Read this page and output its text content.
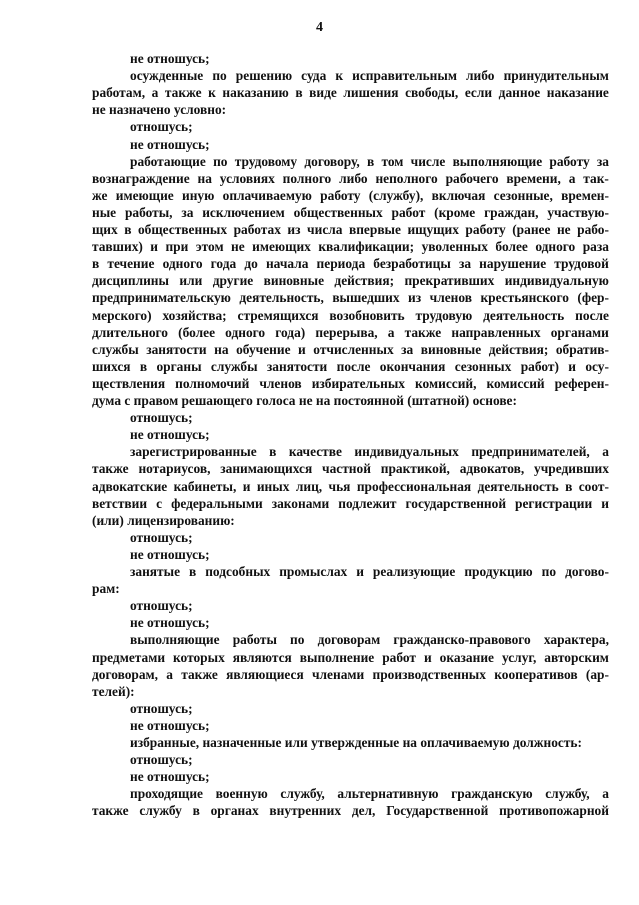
4
не отношусь;
осужденные по решению суда к исправительным либо принудительным
работам, а также к наказанию в виде лишения свободы, если данное наказание
не назначено условно:
отношусь;
не отношусь;
работающие по трудовому договору, в том числе выполняющие работу за
вознаграждение на условиях полного либо неполного рабочего времени, а так-
же имеющие иную оплачиваемую работу (службу), включая сезонные, времен-
ные работы, за исключением общественных работ (кроме граждан, участвую-
щих в общественных работах из числа впервые ищущих работу (ранее не рабо-
тавших) и при этом не имеющих квалификации; уволенных более одного раза
в течение одного года до начала периода безработицы за нарушение трудовой
дисциплины или другие виновные действия; прекративших индивидуальную
предпринимательскую деятельность, вышедших из членов крестьянского (фер-
мерского) хозяйства; стремящихся возобновить трудовую деятельность после
длительного (более одного года) перерыва, а также направленных органами
службы занятости на обучение и отчисленных за виновные действия; обратив-
шихся в органы службы занятости после окончания сезонных работ) и осу-
ществления полномочий членов избирательных комиссий, комиссий референ-
дума с правом решающего голоса не на постоянной (штатной) основе:
отношусь;
не отношусь;
зарегистрированные в качестве индивидуальных предпринимателей, а
также нотариусов, занимающихся частной практикой, адвокатов, учредивших
адвокатские кабинеты, и иных лиц, чья профессиональная деятельность в соот-
ветствии с федеральными законами подлежит государственной регистрации и
(или) лицензированию:
отношусь;
не отношусь;
занятые в подсобных промыслах и реализующие продукцию по догово-
рам:
отношусь;
не отношусь;
выполняющие работы по договорам гражданско-правового характера,
предметами которых являются выполнение работ и оказание услуг, авторским
договорам, а также являющиеся членами производственных кооперативов (ар-
телей):
отношусь;
не отношусь;
избранные, назначенные или утвержденные на оплачиваемую должность:
отношусь;
не отношусь;
проходящие военную службу, альтернативную гражданскую службу, а
также службу в органах внутренних дел, Государственной противопожарной
